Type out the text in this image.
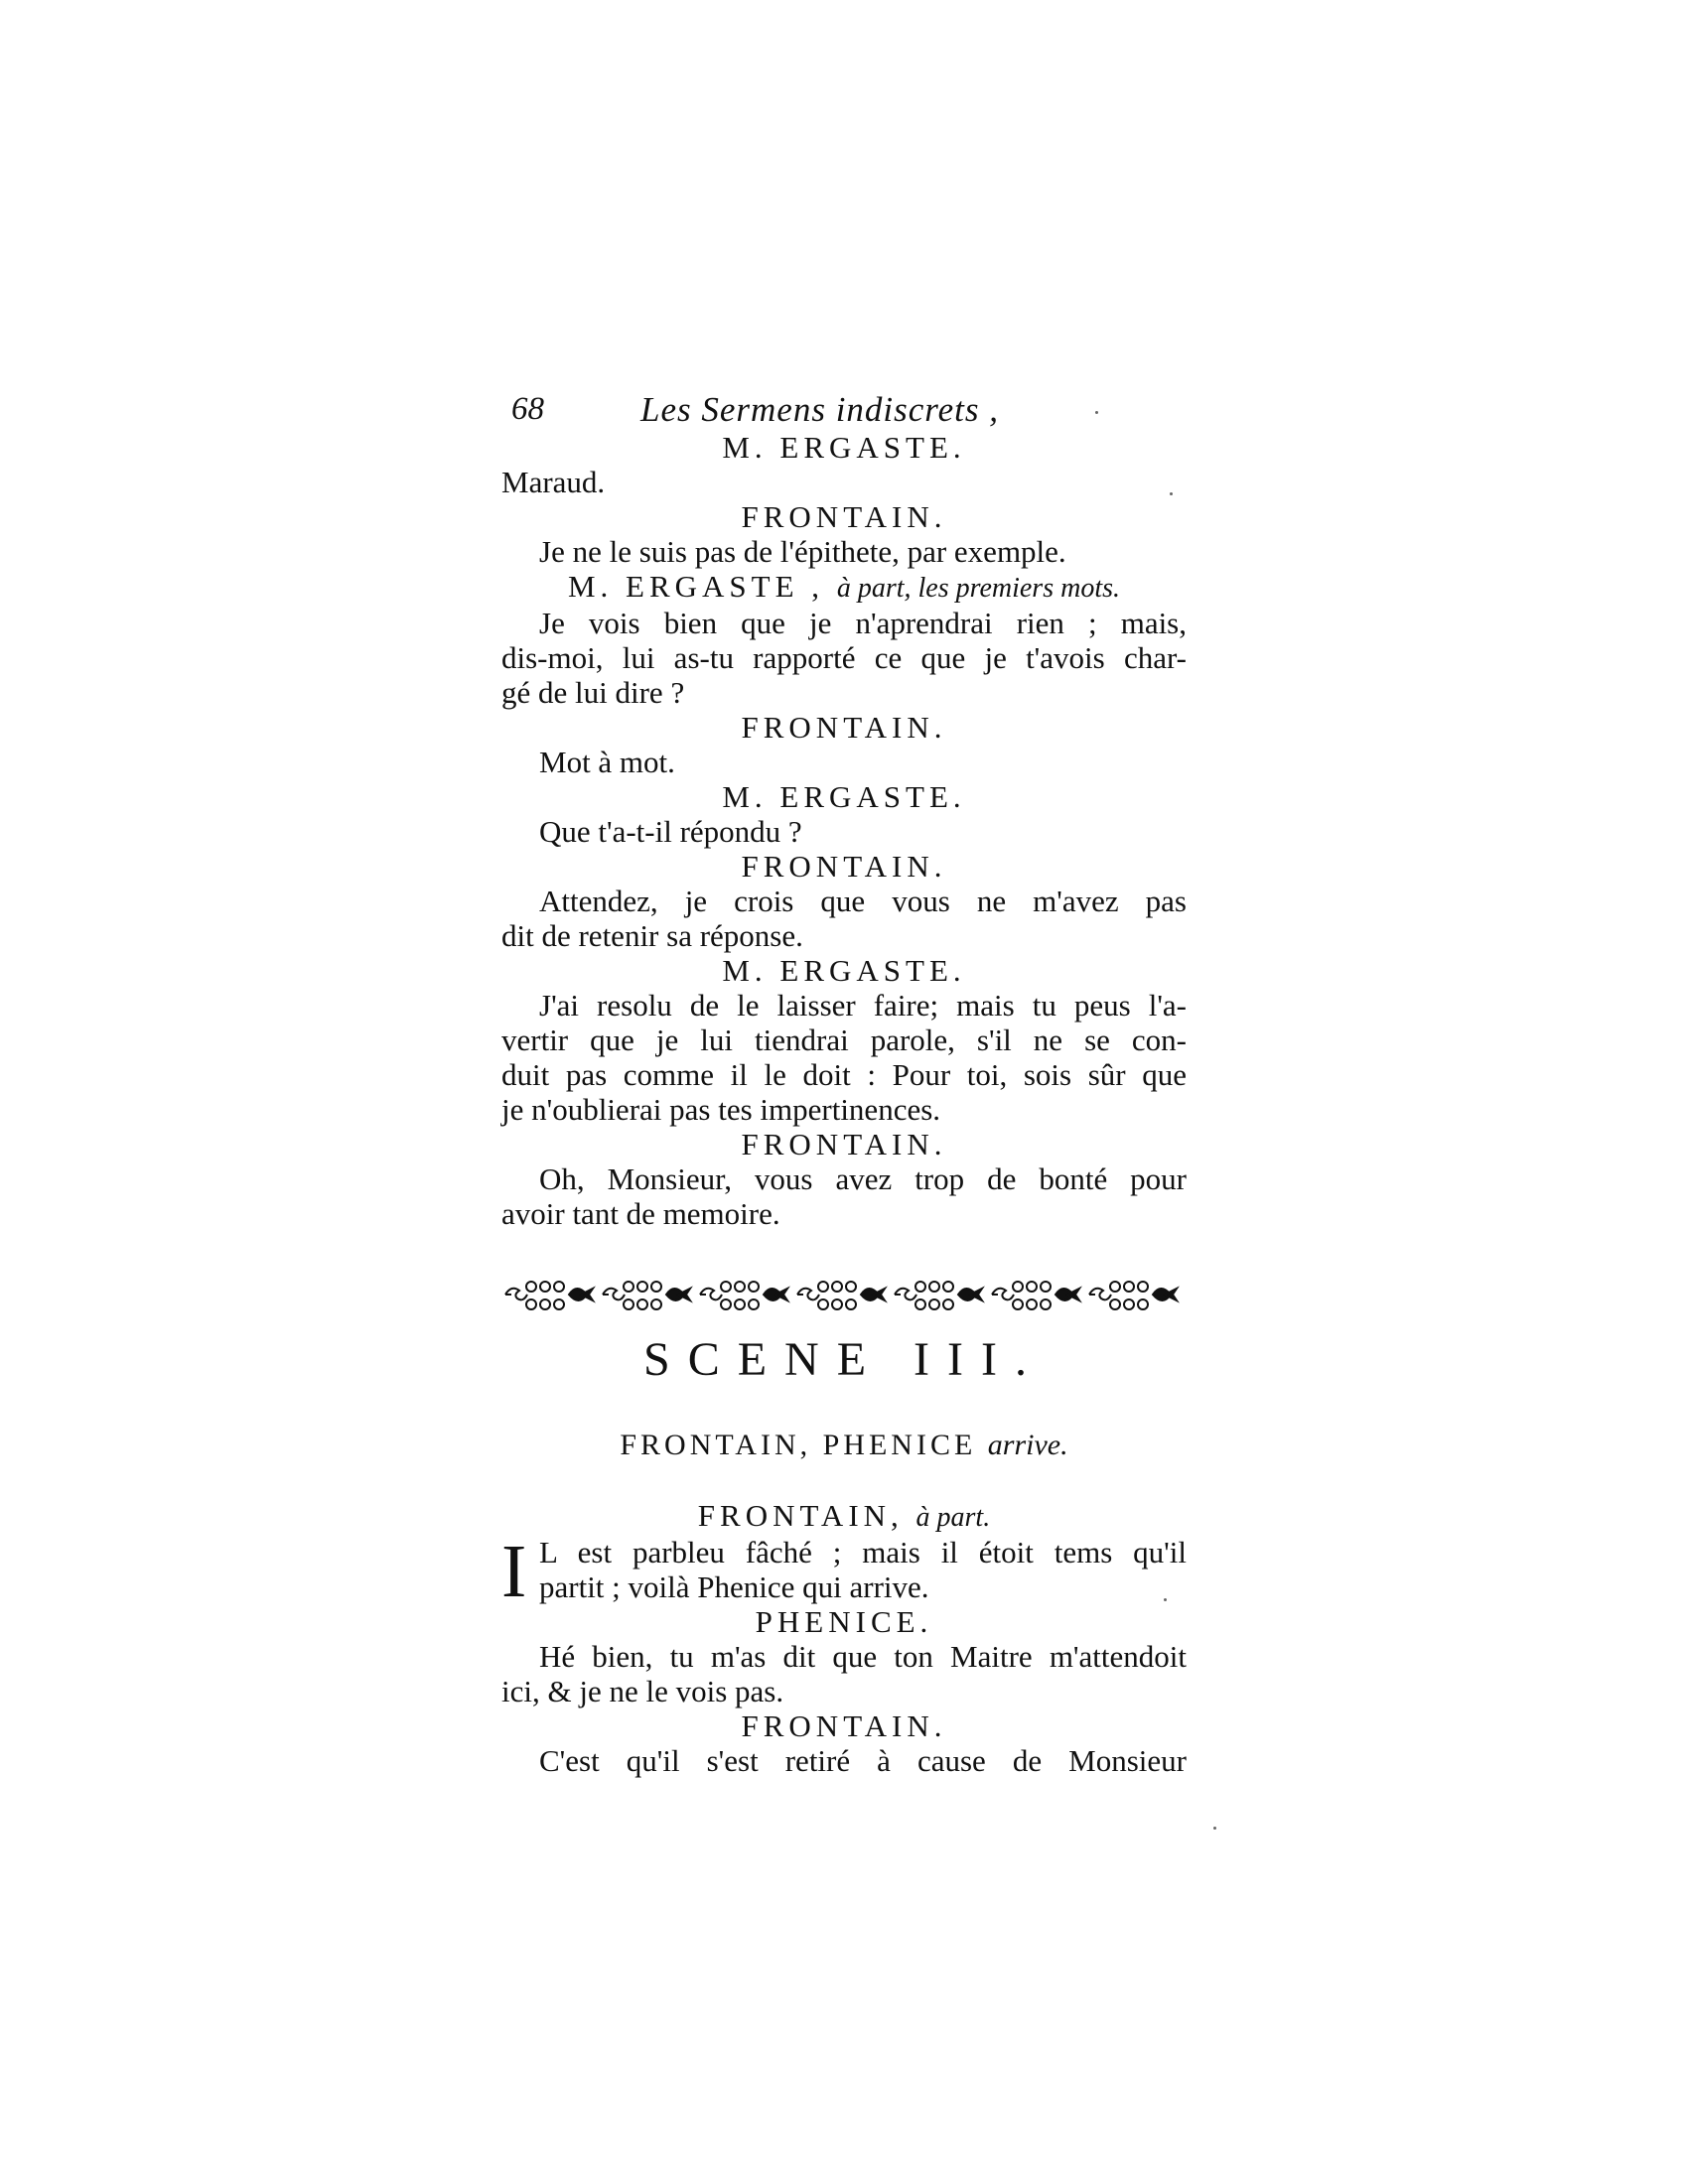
68	Les Sermens indiscrets ,
M. ERGASTE.
Maraud.
FRONTAIN.
Je ne le suis pas de l'épithete, par exemple.
M. ERGASTE , à part, les premiers mots.
Je vois bien que je n'aprendrai rien ; mais,
dis-moi, lui as-tu rapporté ce que je t'avois char-
gé de lui dire ?
FRONTAIN.
Mot à mot.
M. ERGASTE.
Que t'a-t-il répondu ?
FRONTAIN.
Attendez, je crois que vous ne m'avez pas
dit de retenir sa réponse.
M. ERGASTE.
J'ai resolu de le laisser faire; mais tu peus l'a-
vertir que je lui tiendrai parole, s'il ne se con-
duit pas comme il le doit : Pour toi, sois sûr que
je n'oublierai pas tes impertinences.
FRONTAIN.
Oh, Monsieur, vous avez trop de bonté pour
avoir tant de memoire.
SCENE III.
FRONTAIN, PHENICE arrive.
FRONTAIN, à part.
I L est parbleu fâché ; mais il étoit tems qu'il
partit ; voilà Phenice qui arrive.
PHENICE.
Hé bien, tu m'as dit que ton Maitre m'attendoit
ici, & je ne le vois pas.
FRONTAIN.
C'est qu'il s'est retiré à cause de Monsieur
